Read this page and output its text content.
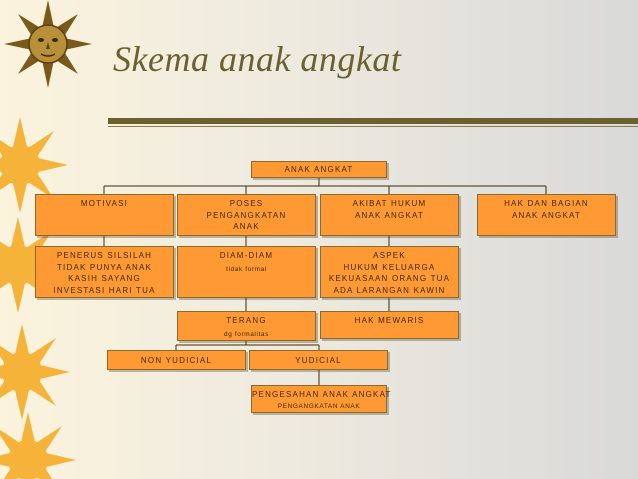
Skema anak angkat
ANAK ANGKAT
MOTIVASI	POSES
PENGANGKATAN
ANAK
AKIBAT HUKUM
ANAK ANGKAT
HAK DAN BAGIAN
ANAK ANGKAT
PENERUS SILSILAH
TIDAK PUNYA ANAK
KASIH SAYANG
INVESTASI HARI TUA
DIAM-DIAM
tidak formal
ASPEK
HUKUM KELUARGA
KEKUASAAN ORANG TUA
ADA LARANGAN KAWIN
TERANG
dg formalitas
HAK MEWARIS
NON YUDICIAL	YUDICIAL
PENGESAHAN ANAK ANGKAT
PENGANGKATAN ANAK
